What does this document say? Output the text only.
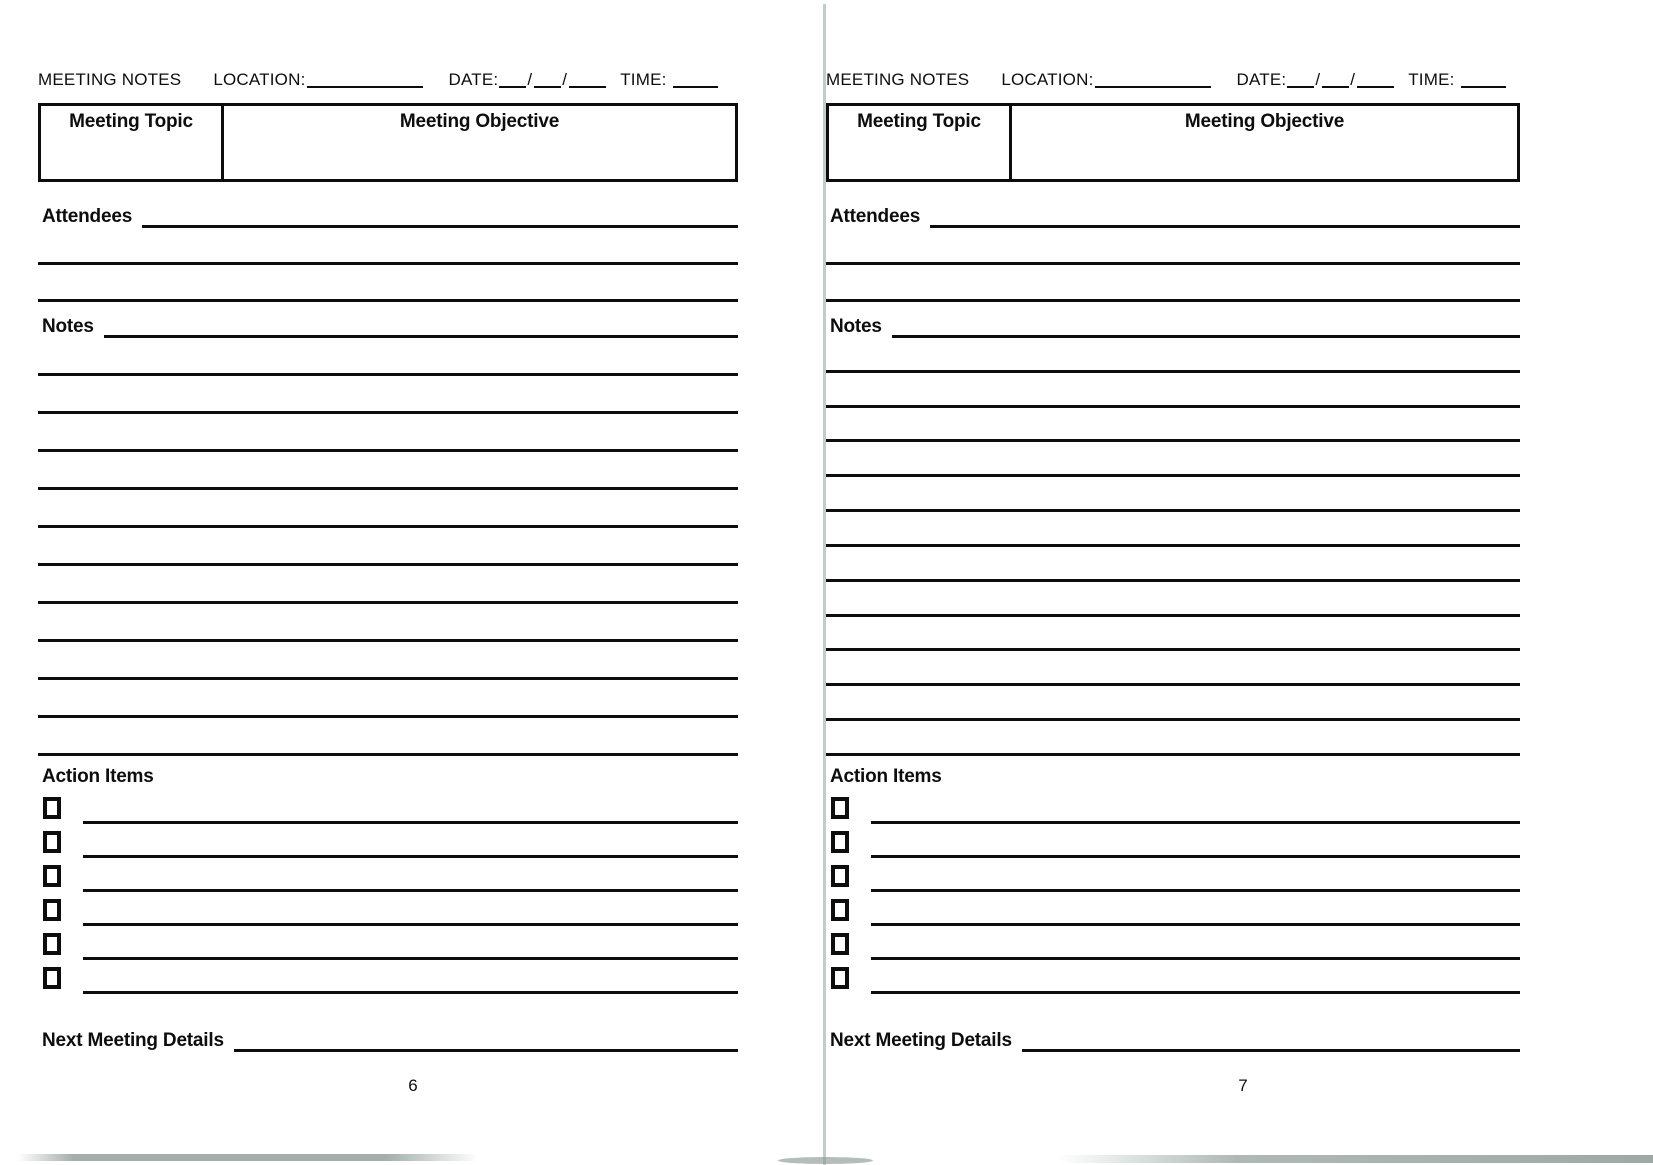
MEETING NOTES LOCATION:	DATE: / /	TIME:
Meeting Topic	Meeting Objective
Attendees
Notes
Action Items
Next Meeting Details
6
MEETING NOTES LOCATION:	DATE: / /	TIME:
Meeting Topic	Meeting Objective
Attendees
Notes
Action Items
Next Meeting Details
7
